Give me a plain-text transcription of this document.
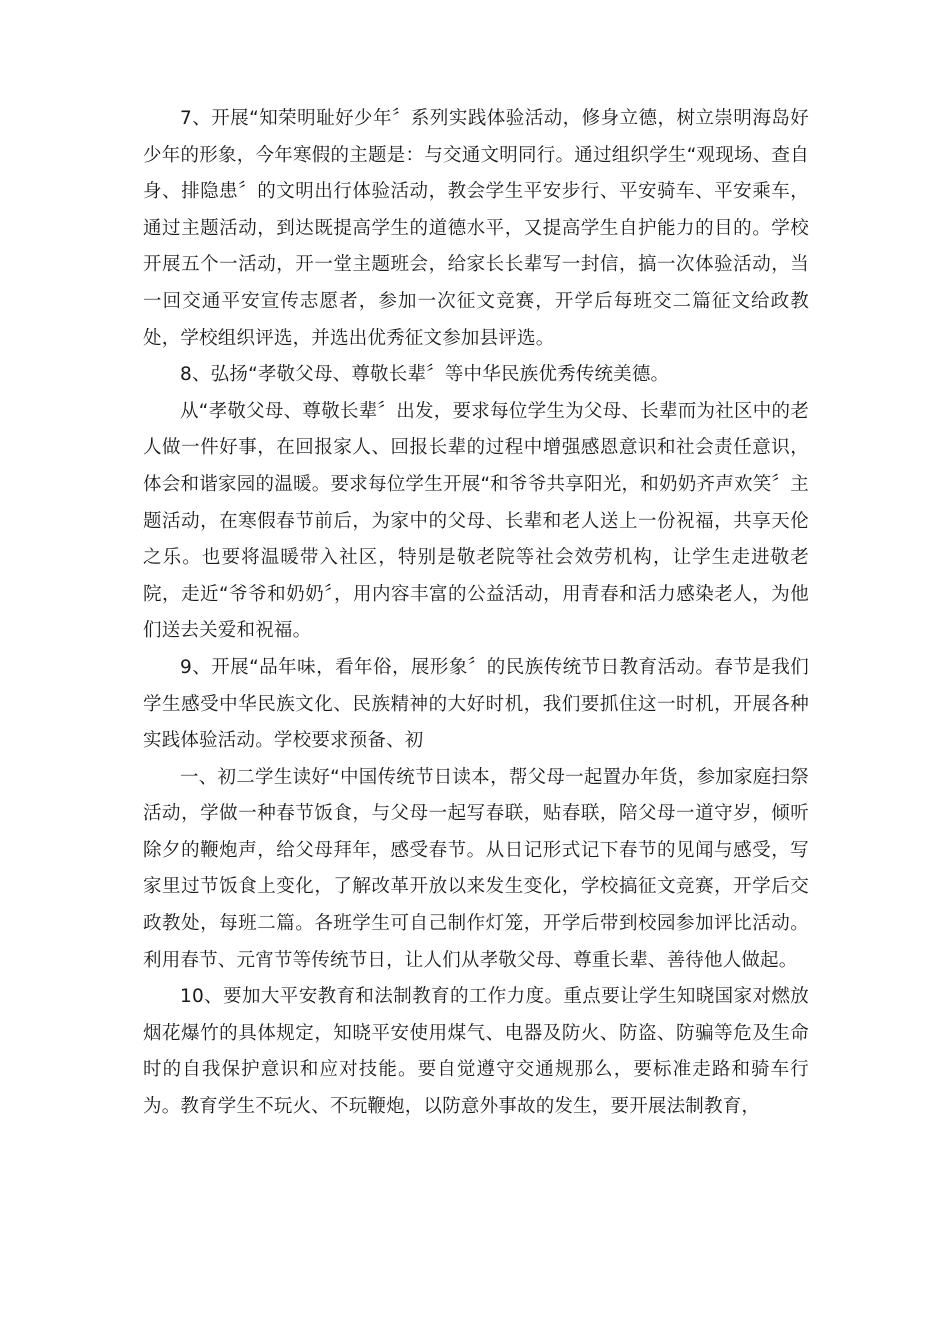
7、开展“知荣明耻好少年〞系列实践体验活动，修身立德，树立崇明海岛好少年的形象，今年寒假的主题是：与交通文明同行。通过组织学生“观现场、查自身、排隐患〞的文明出行体验活动，教会学生平安步行、平安骑车、平安乘车，通过主题活动，到达既提高学生的道德水平，又提高学生自护能力的目的。学校开展五个一活动，开一堂主题班会，给家长长辈写一封信，搞一次体验活动，当一回交通平安宣传志愿者，参加一次征文竞赛，开学后每班交二篇征文给政教处，学校组织评选，并选出优秀征文参加县评选。

8、弘扬“孝敬父母、尊敬长辈〞等中华民族优秀传统美德。

从“孝敬父母、尊敬长辈〞出发，要求每位学生为父母、长辈而为社区中的老人做一件好事，在回报家人、回报长辈的过程中增强感恩意识和社会责任意识，体会和谐家园的温暖。要求每位学生开展“和爷爷共享阳光，和奶奶齐声欢笑〞主题活动，在寒假春节前后，为家中的父母、长辈和老人送上一份祝福，共享天伦之乐。也要将温暖带入社区，特别是敬老院等社会效劳机构，让学生走进敬老院，走近“爷爷和奶奶〞，用内容丰富的公益活动，用青春和活力感染老人，为他们送去关爱和祝福。

9、开展“品年味，看年俗，展形象〞的民族传统节日教育活动。春节是我们学生感受中华民族文化、民族精神的大好时机，我们要抓住这一时机，开展各种实践体验活动。学校要求预备、初

一、初二学生读好“中国传统节日读本，帮父母一起置办年货，参加家庭扫祭活动，学做一种春节饭食，与父母一起写春联，贴春联，陪父母一道守岁，倾听除夕的鞭炮声，给父母拜年，感受春节。从日记形式记下春节的见闻与感受，写家里过节饭食上变化，了解改革开放以来发生变化，学校搞征文竞赛，开学后交政教处，每班二篇。各班学生可自己制作灯笼，开学后带到校园参加评比活动。利用春节、元宵节等传统节日，让人们从孝敬父母、尊重长辈、善待他人做起。

10、要加大平安教育和法制教育的工作力度。重点要让学生知晓国家对燃放烟花爆竹的具体规定，知晓平安使用煤气、电器及防火、防盗、防骗等危及生命时的自我保护意识和应对技能。要自觉遵守交通规那么，要标准走路和骑车行为。教育学生不玩火、不玩鞭炮，以防意外事故的发生，要开展法制教育，
